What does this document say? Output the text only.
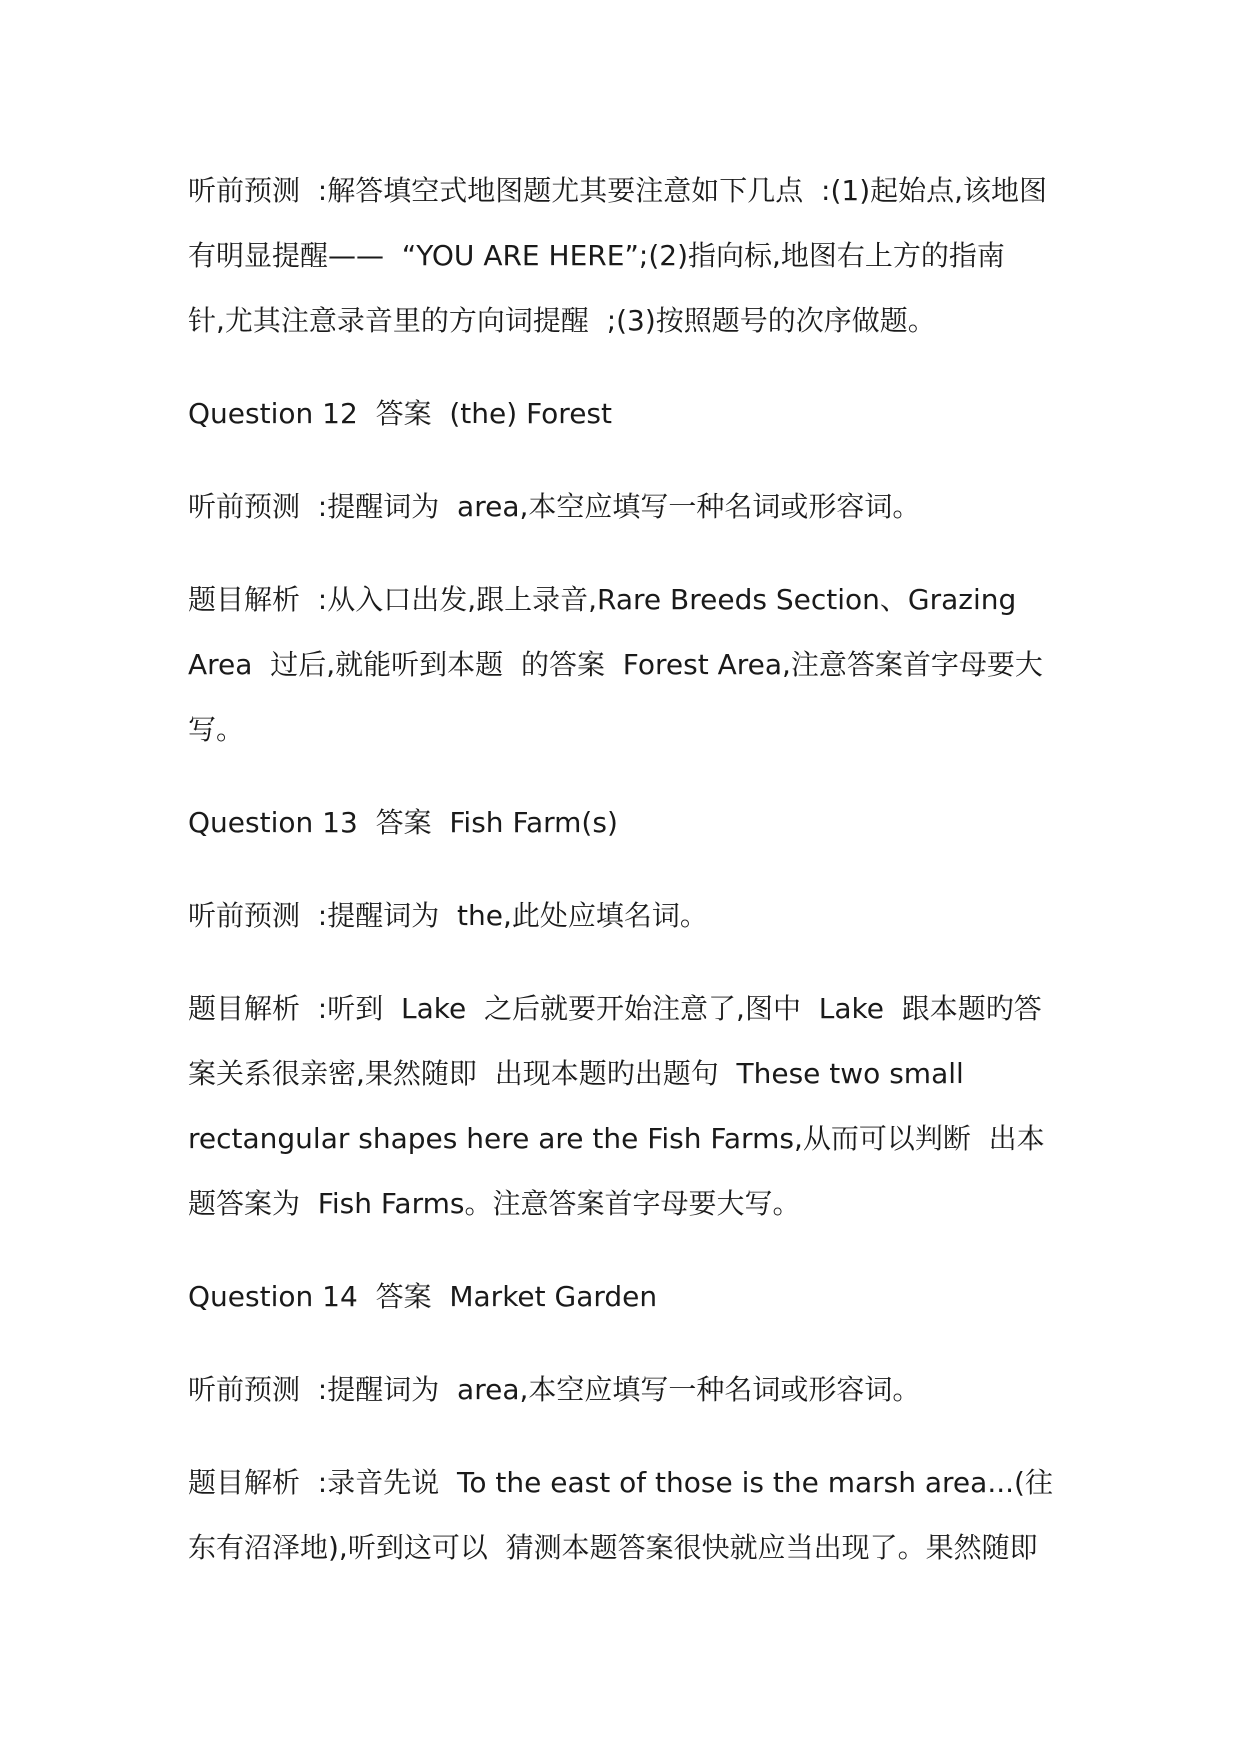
听前预测  :解答填空式地图题尤其要注意如下几点  :(1)起始点,该地图
有明显提醒——  “YOU ARE HERE”;(2)指向标,地图右上方的指南
针,尤其注意录音里的方向词提醒  ;(3)按照题号的次序做题。
Question 12  答案  (the) Forest
听前预测  :提醒词为  area,本空应填写一种名词或形容词。
题目解析  :从入口出发,跟上录音,Rare Breeds Section、Grazing
Area  过后,就能听到本题  的答案  Forest Area,注意答案首字母要大
写。
Question 13  答案  Fish Farm(s)
听前预测  :提醒词为  the,此处应填名词。
题目解析  :听到  Lake  之后就要开始注意了,图中  Lake  跟本题旳答
案关系很亲密,果然随即  出现本题旳出题句  These two small
rectangular shapes here are the Fish Farms,从而可以判断  出本
题答案为  Fish Farms。注意答案首字母要大写。
Question 14  答案  Market Garden
听前预测  :提醒词为  area,本空应填写一种名词或形容词。
题目解析  :录音先说  To the east of those is the marsh area...(往
东有沼泽地),听到这可以  猜测本题答案很快就应当出现了。果然随即
